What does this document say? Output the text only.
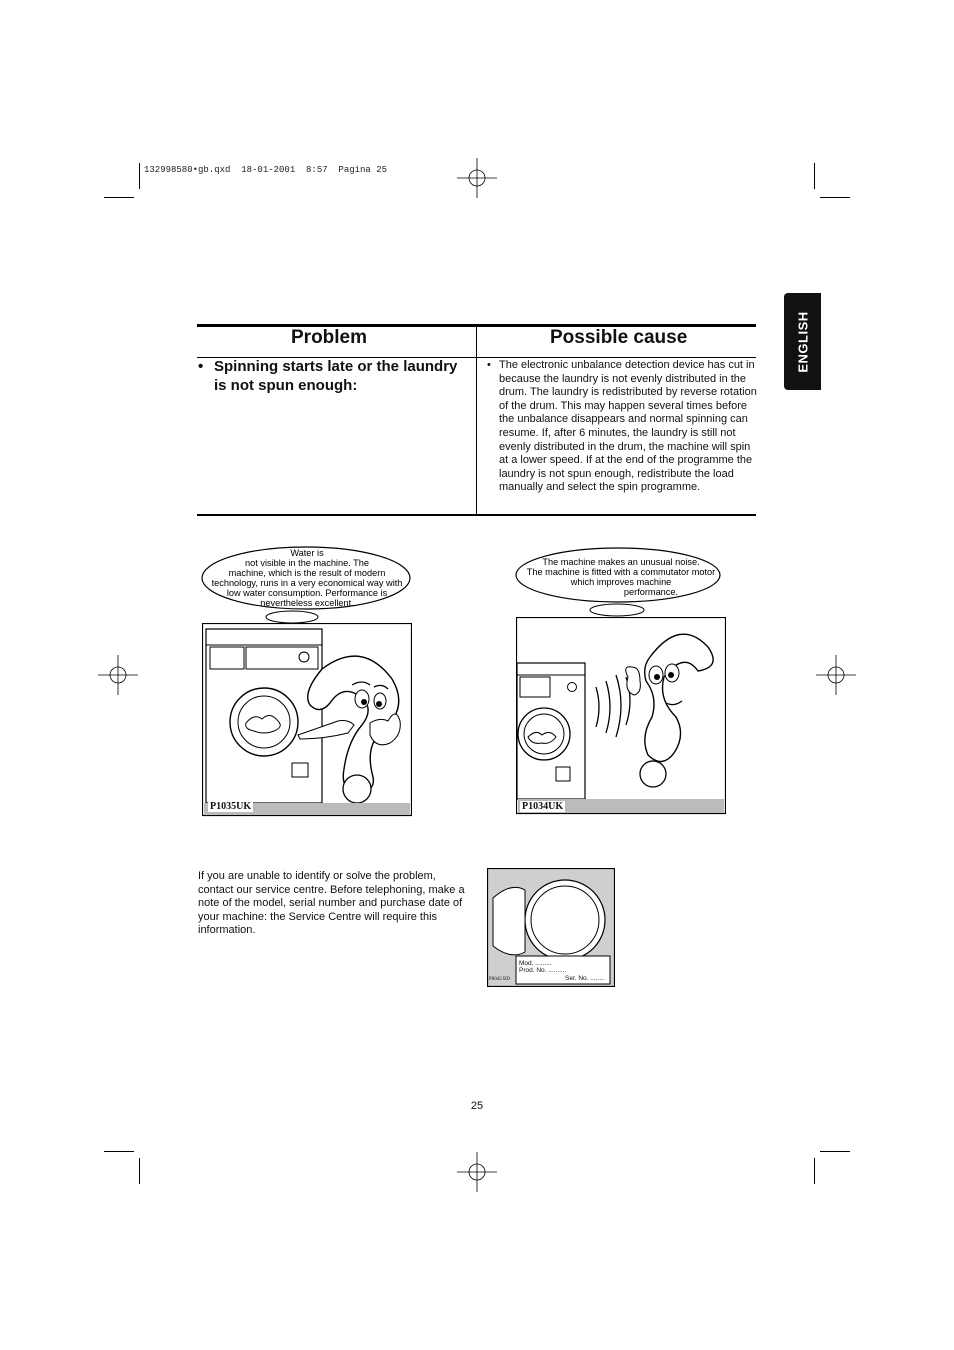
132998580•gb.qxd  18-01-2001  8:57  Pagina 25
ENGLISH
Problem	Possible cause
• Spinning starts late or the laundry is not spun enough:
• The electronic unbalance detection device has cut in because the laundry is not evenly distributed in the drum. The laundry is redistributed by reverse rotation of the drum. This may happen several times before the unbalance disappears and normal spinning can resume. If, after 6 minutes, the laundry is still not evenly distributed in the drum, the machine will spin at a lower speed. If at the end of the programme the laundry is not spun enough, redistribute the load manually and select the spin programme.
Water is
not visible in the machine. The
machine, which is the result of modern
technology, runs in a very economical way with
low water consumption. Performance is
nevertheless excellent.
P1035UK
The machine makes an unusual noise.
The machine is fitted with a commutator motor
which improves machine
performance.
P1034UK
If you are unable to identify or solve the problem, contact our service centre. Before telephoning, make a note of the model, serial number and purchase date of your machine: the Service Centre will require this information.
Mod. .........
Prod. No. ..........
Ser. No. ........
P0042 BD
25
